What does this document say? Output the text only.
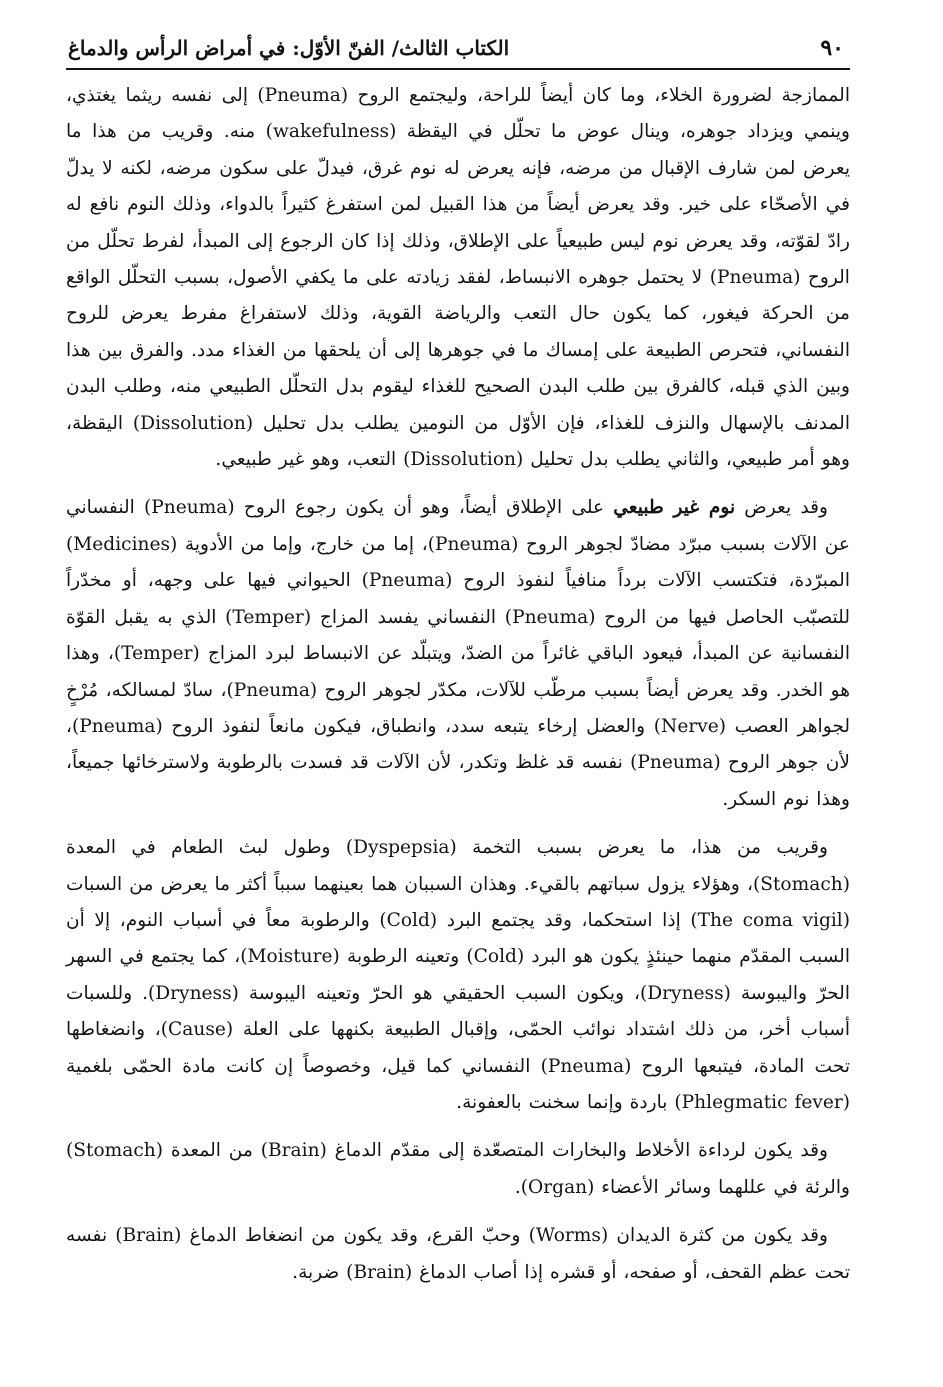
الكتاب الثالث/ الفنّ الأوّل: في أمراض الرأس والدماغ	٩٠

الممازجة لضرورة الخلاء، وما كان أيضاً للراحة، وليجتمع الروح (Pneuma) إلى نفسه ريثما يغتذي، وينمي ويزداد جوهره، وينال عوض ما تحلّل في اليقظة (wakefulness) منه. وقريب من هذا ما يعرض لمن شارف الإقبال من مرضه، فإنه يعرض له نوم غرق، فيدلّ على سكون مرضه، لكنه لا يدلّ في الأصحّاء على خير. وقد يعرض أيضاً من هذا القبيل لمن استفرغ كثيراً بالدواء، وذلك النوم نافع له رادّ لقوّته، وقد يعرض نوم ليس طبيعياً على الإطلاق، وذلك إذا كان الرجوع إلى المبدأ، لفرط تحلّل من الروح (Pneuma) لا يحتمل جوهره الانبساط، لفقد زيادته على ما يكفي الأصول، بسبب التحلّل الواقع من الحركة فيغور، كما يكون حال التعب والرياضة القوية، وذلك لاستفراغ مفرط يعرض للروح النفساني، فتحرص الطبيعة على إمساك ما في جوهرها إلى أن يلحقها من الغذاء مدد. والفرق بين هذا وبين الذي قبله، كالفرق بين طلب البدن الصحيح للغذاء ليقوم بدل التحلّل الطبيعي منه، وطلب البدن المدنف بالإسهال والنزف للغذاء، فإن الأوّل من النومين يطلب بدل تحليل (Dissolution) اليقظة، وهو أمر طبيعي، والثاني يطلب بدل تحليل (Dissolution) التعب، وهو غير طبيعي.

وقد يعرض نوم غير طبيعي على الإطلاق أيضاً، وهو أن يكون رجوع الروح (Pneuma) النفساني عن الآلات بسبب مبرّد مضادّ لجوهر الروح (Pneuma)، إما من خارج، وإما من الأدوية (Medicines) المبرّدة، فتكتسب الآلات برداً منافياً لنفوذ الروح (Pneuma) الحيواني فيها على وجهه، أو مخدّراً للتصبّب الحاصل فيها من الروح (Pneuma) النفساني يفسد المزاج (Temper) الذي به يقبل القوّة النفسانية عن المبدأ، فيعود الباقي غائراً من الضدّ، ويتبلّد عن الانبساط لبرد المزاج (Temper)، وهذا هو الخدر. وقد يعرض أيضاً بسبب مرطّب للآلات، مكدّر لجوهر الروح (Pneuma)، سادّ لمسالكه، مُرْخٍ لجواهر العصب (Nerve) والعضل إرخاء يتبعه سدد، وانطباق، فيكون مانعاً لنفوذ الروح (Pneuma)، لأن جوهر الروح (Pneuma) نفسه قد غلظ وتكدر، لأن الآلات قد فسدت بالرطوبة ولاسترخائها جميعاً، وهذا نوم السكر.

وقريب من هذا، ما يعرض بسبب التخمة (Dyspepsia) وطول لبث الطعام في المعدة (Stomach)، وهؤلاء يزول سباتهم بالقيء. وهذان السببان هما بعينهما سبباً أكثر ما يعرض من السبات (The coma vigil) إذا استحكما، وقد يجتمع البرد (Cold) والرطوبة معاً في أسباب النوم، إلا أن السبب المقدّم منهما حينئذٍ يكون هو البرد (Cold) وتعينه الرطوبة (Moisture)، كما يجتمع في السهر الحرّ واليبوسة (Dryness)، ويكون السبب الحقيقي هو الحرّ وتعينه اليبوسة (Dryness). وللسبات أسباب أخر، من ذلك اشتداد نوائب الحمّى، وإقبال الطبيعة بكنهها على العلة (Cause)، وانضغاطها تحت المادة، فيتبعها الروح (Pneuma) النفساني كما قيل، وخصوصاً إن كانت مادة الحمّى بلغمية (Phlegmatic fever) باردة وإنما سخنت بالعفونة.

وقد يكون لرداءة الأخلاط والبخارات المتصعّدة إلى مقدّم الدماغ (Brain) من المعدة (Stomach) والرئة في عللهما وسائر الأعضاء (Organ).

وقد يكون من كثرة الديدان (Worms) وحبّ القرع، وقد يكون من انضغاط الدماغ (Brain) نفسه تحت عظم القحف، أو صفحه، أو قشره إذا أصاب الدماغ (Brain) ضربة.
